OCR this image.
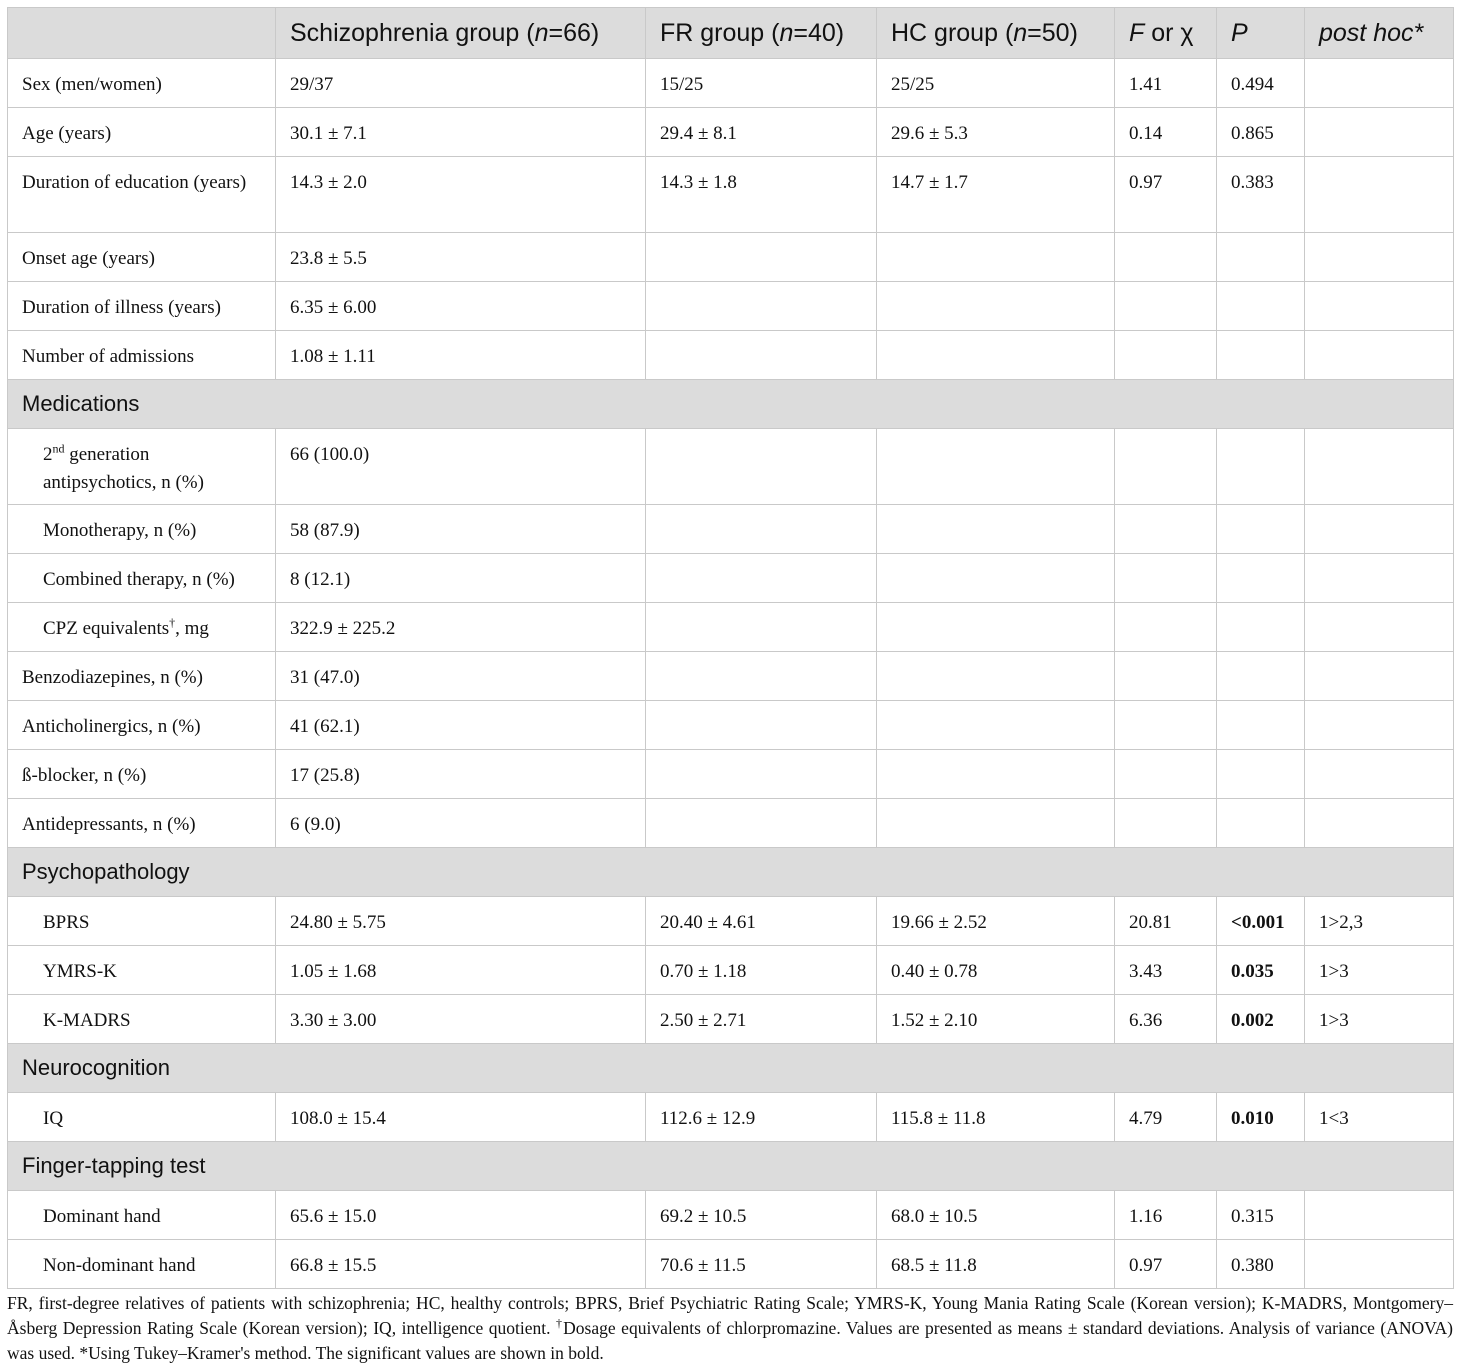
	Schizophrenia group (n=66)	FR group (n=40)	HC group (n=50)	F or χ	P	post hoc*
Sex (men/women)	29/37	15/25	25/25	1.41	0.494	
Age (years)	30.1 ± 7.1	29.4 ± 8.1	29.6 ± 5.3	0.14	0.865	
Duration of education (years)	14.3 ± 2.0	14.3 ± 1.8	14.7 ± 1.7	0.97	0.383	
Onset age (years)	23.8 ± 5.5					
Duration of illness (years)	6.35 ± 6.00					
Number of admissions	1.08 ± 1.11					
Medications						
2nd generation antipsychotics, n (%)	66 (100.0)					
Monotherapy, n (%)	58 (87.9)					
Combined therapy, n (%)	8 (12.1)					
CPZ equivalents†, mg	322.9 ± 225.2					
Benzodiazepines, n (%)	31 (47.0)					
Anticholinergics, n (%)	41 (62.1)					
ß-blocker, n (%)	17 (25.8)					
Antidepressants, n (%)	6 (9.0)					
Psychopathology						
BPRS	24.80 ± 5.75	20.40 ± 4.61	19.66 ± 2.52	20.81	<0.001	1>2,3
YMRS-K	1.05 ± 1.68	0.70 ± 1.18	0.40 ± 0.78	3.43	0.035	1>3
K-MADRS	3.30 ± 3.00	2.50 ± 2.71	1.52 ± 2.10	6.36	0.002	1>3
Neurocognition						
IQ	108.0 ± 15.4	112.6 ± 12.9	115.8 ± 11.8	4.79	0.010	1<3
Finger-tapping test						
Dominant hand	65.6 ± 15.0	69.2 ± 10.5	68.0 ± 10.5	1.16	0.315	
Non-dominant hand	66.8 ± 15.5	70.6 ± 11.5	68.5 ± 11.8	0.97	0.380	
FR, first-degree relatives of patients with schizophrenia; HC, healthy controls; BPRS, Brief Psychiatric Rating Scale; YMRS-K, Young Mania Rating Scale (Korean version); K-MADRS, Montgomery–Åsberg Depression Rating Scale (Korean version); IQ, intelligence quotient. †Dosage equivalents of chlorpromazine. Values are presented as means ± standard deviations. Analysis of variance (ANOVA) was used. *Using Tukey–Kramer's method. The significant values are shown in bold.
